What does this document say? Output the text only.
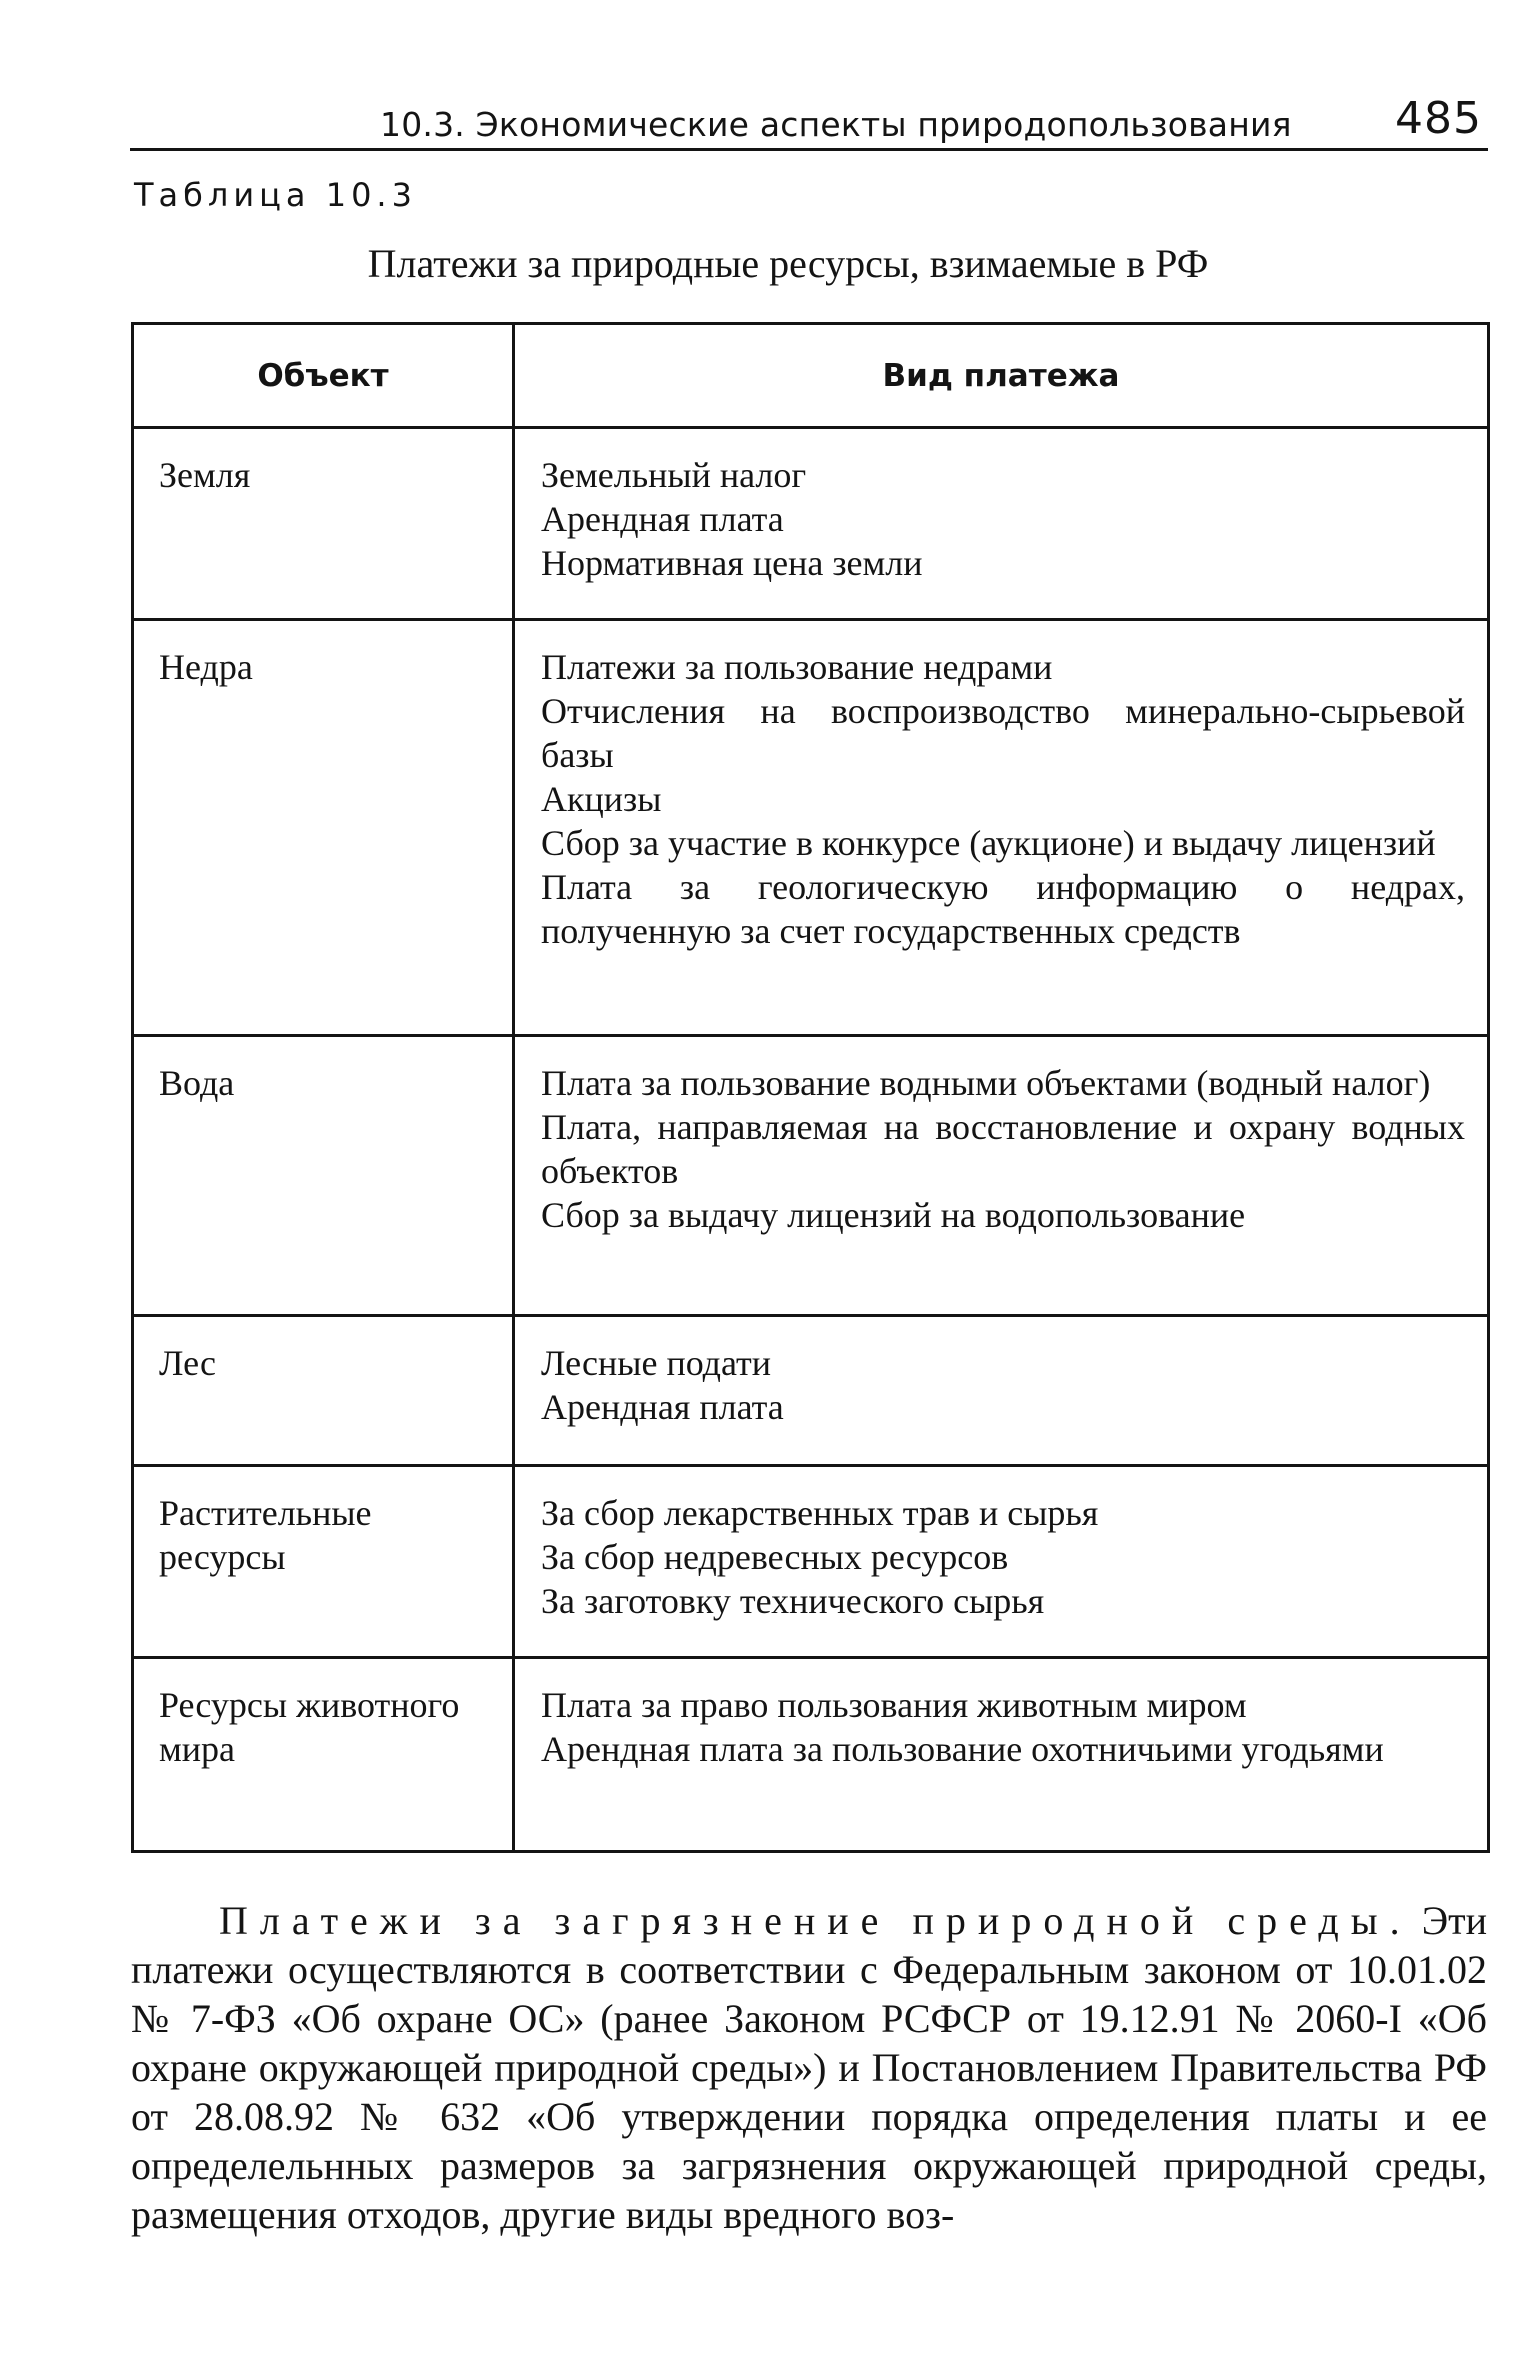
10.3. Экономические аспекты природопользования 485
Таблица 10.3
Платежи за природные ресурсы, взимаемые в РФ
Объект	Вид платежа
Земля	Земельный налог
Арендная плата
Нормативная цена земли

Недра	Платежи за пользование недрами
Отчисления на воспроизводство минерально-сырьевой базы
Акцизы
Сбор за участие в конкурсе (аукционе) и выдачу лицензий
Плата за геологическую информацию о недрах, полученную за счет государственных средств

Вода	Плата за пользование водными объектами (водный налог)
Плата, направляемая на восстановление и охрану водных объектов
Сбор за выдачу лицензий на водопользование

Лес	Лесные подати
Арендная плата

Растительные ресурсы	За сбор лекарственных трав и сырья
За сбор недревесных ресурсов
За заготовку технического сырья

Ресурсы животного мира	Плата за право пользования животным миром
Арендная плата за пользование охотничьими угодьями

Платежи за загрязнение природной среды. Эти платежи осуществляются в соответствии с Федеральным законом от 10.01.02 № 7-ФЗ «Об охране ОС» (ранее Законом РСФСР от 19.12.91 № 2060-I «Об охране окружающей природной среды») и Постановлением Правительства РФ от 28.08.92 № 632 «Об утверждении порядка определения платы и ее определельнных размеров за загрязнения окружающей природной среды, размещения отходов, другие виды вредного воз-
